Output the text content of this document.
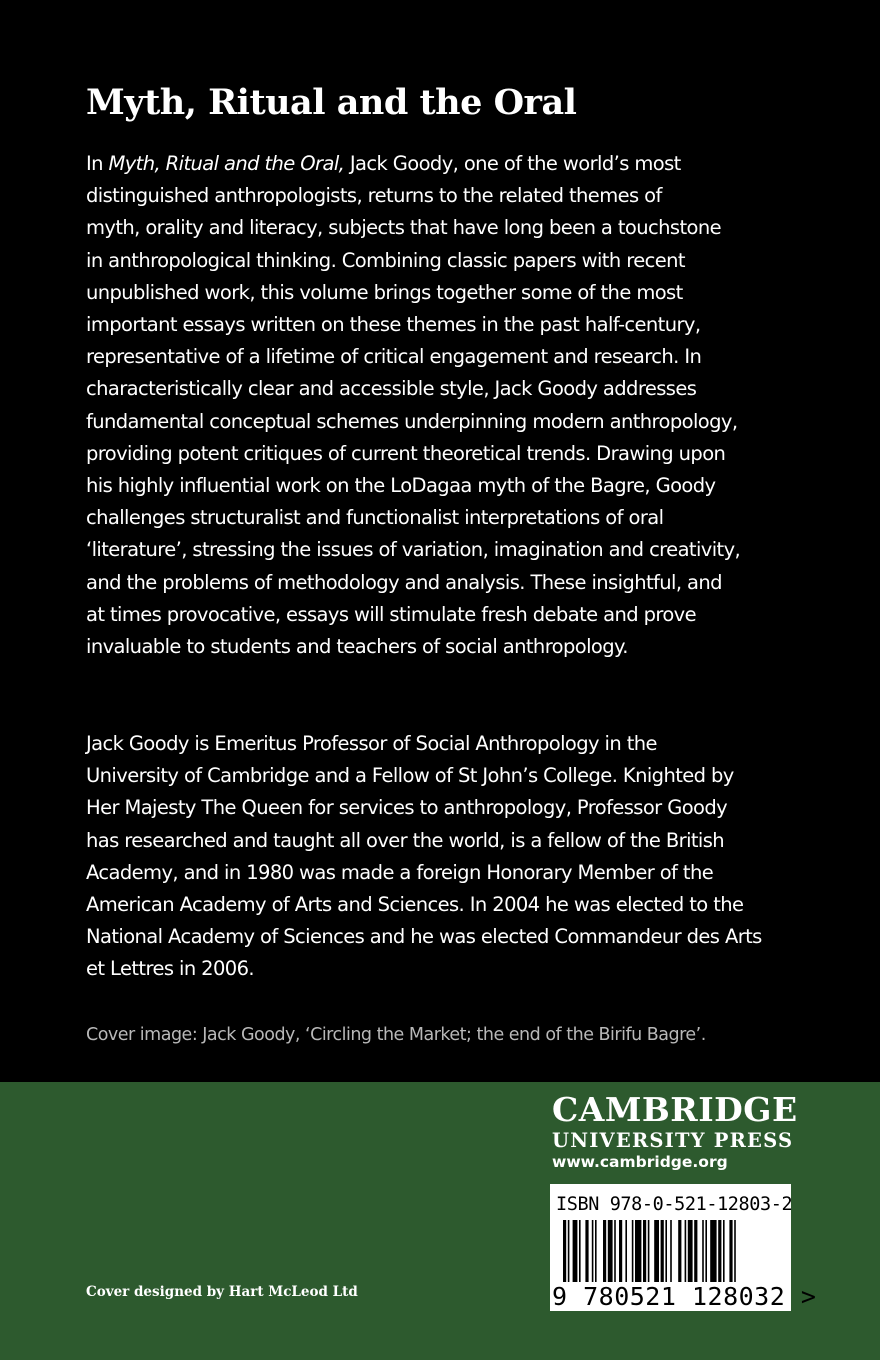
Myth, Ritual and the Oral
In Myth, Ritual and the Oral, Jack Goody, one of the world’s most
distinguished anthropologists, returns to the related themes of
myth, orality and literacy, subjects that have long been a touchstone
in anthropological thinking. Combining classic papers with recent
unpublished work, this volume brings together some of the most
important essays written on these themes in the past half-century,
representative of a lifetime of critical engagement and research. In
characteristically clear and accessible style, Jack Goody addresses
fundamental conceptual schemes underpinning modern anthropology,
providing potent critiques of current theoretical trends. Drawing upon
his highly influential work on the LoDagaa myth of the Bagre, Goody
challenges structuralist and functionalist interpretations of oral
‘literature’, stressing the issues of variation, imagination and creativity,
and the problems of methodology and analysis. These insightful, and
at times provocative, essays will stimulate fresh debate and prove
invaluable to students and teachers of social anthropology.
Jack Goody is Emeritus Professor of Social Anthropology in the
University of Cambridge and a Fellow of St John’s College. Knighted by
Her Majesty The Queen for services to anthropology, Professor Goody
has researched and taught all over the world, is a fellow of the British
Academy, and in 1980 was made a foreign Honorary Member of the
American Academy of Arts and Sciences. In 2004 he was elected to the
National Academy of Sciences and he was elected Commandeur des Arts
et Lettres in 2006.
Cover image: Jack Goody, ‘Circling the Market; the end of the Birifu Bagre’.
CAMBRIDGE
UNIVERSITY PRESS
www.cambridge.org
ISBN 978-0-521-12803-2
9 780521 128032 >
Cover designed by Hart McLeod Ltd
